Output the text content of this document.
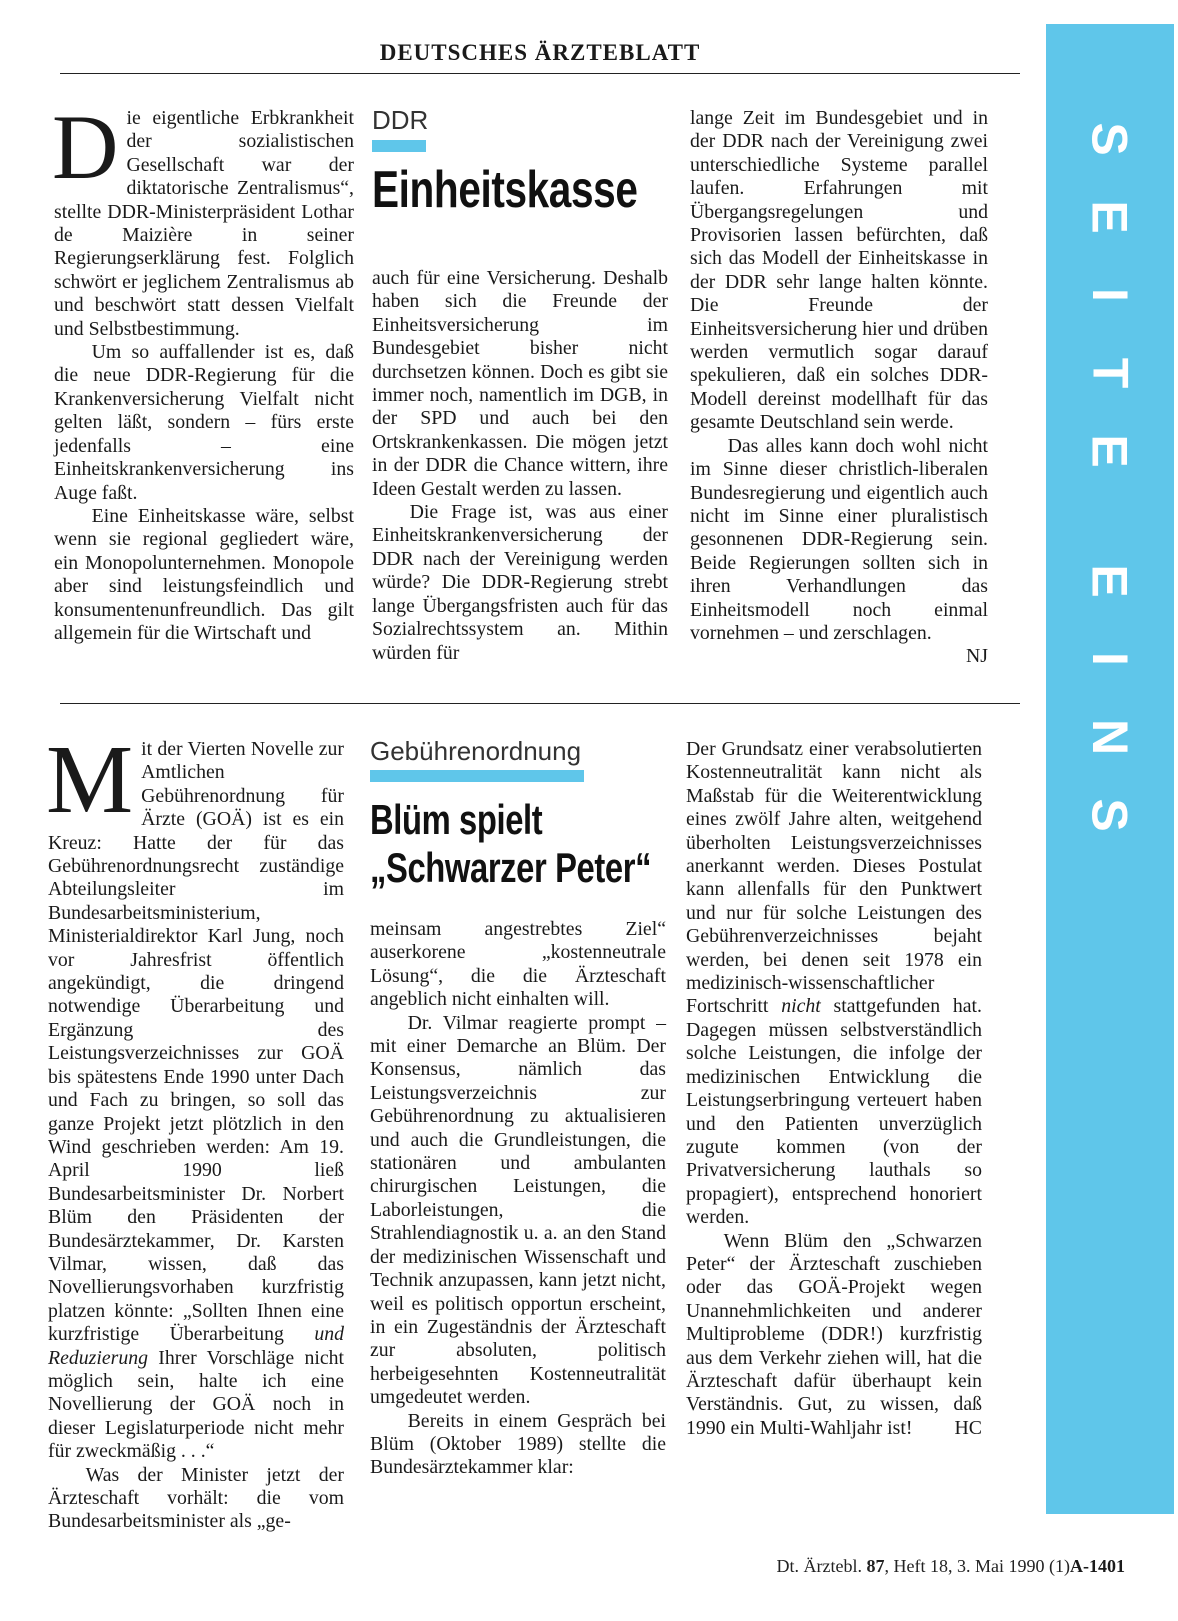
DEUTSCHES ÄRZTEBLATT
S
E
I
T
E

E
I
N
S

Die eigentliche Erbkrankheit der sozialistischen Gesellschaft war der diktatorische Zentralismus“, stellte DDR-Ministerpräsident Lothar de Maizière in seiner Regierungserklärung fest. Folglich schwört er jeglichem Zentralismus ab und beschwört statt dessen Vielfalt und Selbstbestimmung.

Um so auffallender ist es, daß die neue DDR-Regierung für die Krankenversicherung Vielfalt nicht gelten läßt, sondern – fürs erste jedenfalls – eine Einheitskrankenversicherung ins Auge faßt.

Eine Einheitskasse wäre, selbst wenn sie regional gegliedert wäre, ein Monopolunternehmen. Monopole aber sind leistungsfeindlich und konsumentenunfreundlich. Das gilt allgemein für die Wirtschaft und

DDR
Einheitskasse

auch für eine Versicherung. Deshalb haben sich die Freunde der Einheitsversicherung im Bundesgebiet bisher nicht durchsetzen können. Doch es gibt sie immer noch, namentlich im DGB, in der SPD und auch bei den Ortskrankenkassen. Die mögen jetzt in der DDR die Chance wittern, ihre Ideen Gestalt werden zu lassen.

Die Frage ist, was aus einer Einheitskrankenversicherung der DDR nach der Vereinigung werden würde? Die DDR-Regierung strebt lange Übergangsfristen auch für das Sozialrechtssystem an. Mithin würden für

lange Zeit im Bundesgebiet und in der DDR nach der Vereinigung zwei unterschiedliche Systeme parallel laufen. Erfahrungen mit Übergangsregelungen und Provisorien lassen befürchten, daß sich das Modell der Einheitskasse in der DDR sehr lange halten könnte. Die Freunde der Einheitsversicherung hier und drüben werden vermutlich sogar darauf spekulieren, daß ein solches DDR-Modell dereinst modellhaft für das gesamte Deutschland sein werde.

Das alles kann doch wohl nicht im Sinne dieser christlich-liberalen Bundesregierung und eigentlich auch nicht im Sinne einer pluralistisch gesonnenen DDR-Regierung sein. Beide Regierungen sollten sich in ihren Verhandlungen das Einheitsmodell noch einmal vornehmen – und zerschlagen.
NJ

Mit der Vierten Novelle zur Amtlichen Gebührenordnung für Ärzte (GOÄ) ist es ein Kreuz: Hatte der für das Gebührenordnungsrecht zuständige Abteilungsleiter im Bundesarbeitsministerium, Ministerialdirektor Karl Jung, noch vor Jahresfrist öffentlich angekündigt, die dringend notwendige Überarbeitung und Ergänzung des Leistungsverzeichnisses zur GOÄ bis spätestens Ende 1990 unter Dach und Fach zu bringen, so soll das ganze Projekt jetzt plötzlich in den Wind geschrieben werden: Am 19. April 1990 ließ Bundesarbeitsminister Dr. Norbert Blüm den Präsidenten der Bundesärztekammer, Dr. Karsten Vilmar, wissen, daß das Novellierungsvorhaben kurzfristig platzen könnte: „Sollten Ihnen eine kurzfristige Überarbeitung und Reduzierung Ihrer Vorschläge nicht möglich sein, halte ich eine Novellierung der GOÄ noch in dieser Legislaturperiode nicht mehr für zweckmäßig . . .“

Was der Minister jetzt der Ärzteschaft vorhält: die vom Bundesarbeitsminister als „ge-

Gebührenordnung
Blüm spielt
„Schwarzer Peter“

meinsam angestrebtes Ziel“ auserkorene „kostenneutrale Lösung“, die die Ärzteschaft angeblich nicht einhalten will.

Dr. Vilmar reagierte prompt – mit einer Demarche an Blüm. Der Konsensus, nämlich das Leistungsverzeichnis zur Gebührenordnung zu aktualisieren und auch die Grundleistungen, die stationären und ambulanten chirurgischen Leistungen, die Laborleistungen, die Strahlendiagnostik u. a. an den Stand der medizinischen Wissenschaft und Technik anzupassen, kann jetzt nicht, weil es politisch opportun erscheint, in ein Zugeständnis der Ärzteschaft zur absoluten, politisch herbeigesehnten Kostenneutralität umgedeutet werden.

Bereits in einem Gespräch bei Blüm (Oktober 1989) stellte die Bundesärztekammer klar:

Der Grundsatz einer verabsolutierten Kostenneutralität kann nicht als Maßstab für die Weiterentwicklung eines zwölf Jahre alten, weitgehend überholten Leistungsverzeichnisses anerkannt werden. Dieses Postulat kann allenfalls für den Punktwert und nur für solche Leistungen des Gebührenverzeichnisses bejaht werden, bei denen seit 1978 ein medizinisch-wissenschaftlicher Fortschritt nicht stattgefunden hat. Dagegen müssen selbstverständlich solche Leistungen, die infolge der medizinischen Entwicklung die Leistungserbringung verteuert haben und den Patienten unverzüglich zugute kommen (von der Privatversicherung lauthals so propagiert), entsprechend honoriert werden.

Wenn Blüm den „Schwarzen Peter“ der Ärzteschaft zuschieben oder das GOÄ-Projekt wegen Unannehmlichkeiten und anderer Multiprobleme (DDR!) kurzfristig aus dem Verkehr ziehen will, hat die Ärzteschaft dafür überhaupt kein Verständnis. Gut, zu wissen, daß 1990 ein Multi-Wahljahr ist!	HC

Dt. Ärztebl. 87, Heft 18, 3. Mai 1990 (1) A-1401
